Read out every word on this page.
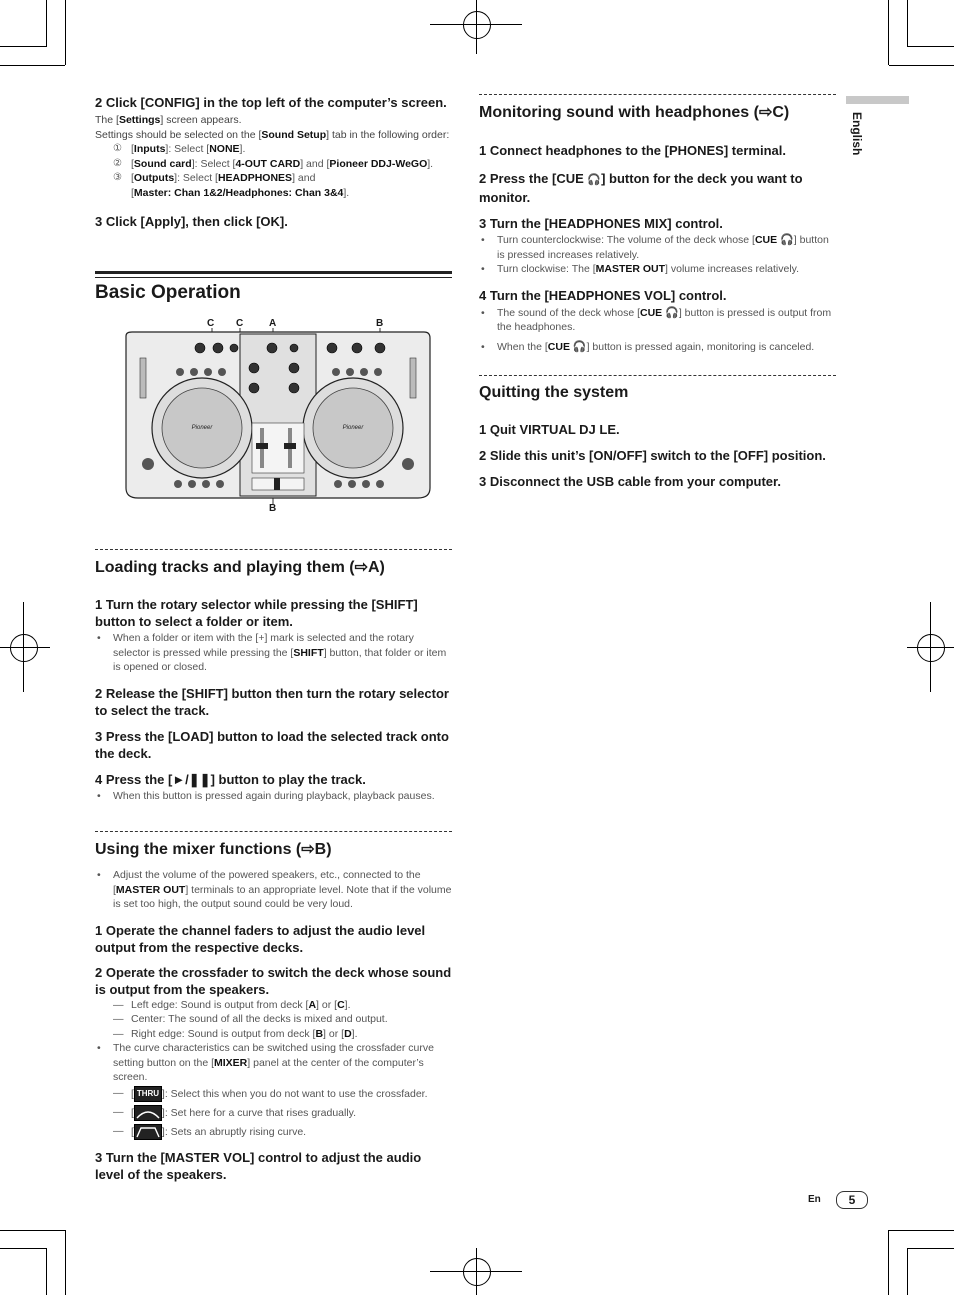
2 Click [CONFIG] in the top left of the computer’s screen.

The [Settings] screen appears.

Settings should be selected on the [Sound Setup] tab in the following order:

① [Inputs]: Select [NONE].

② [Sound card]: Select [4-OUT CARD] and [Pioneer DDJ-WeGO].

③ [Outputs]: Select [HEADPHONES] and

[Master: Chan 1&2/Headphones: Chan 3&4].

3 Click [Apply], then click [OK].

Basic Operation
C C	A	B
B
Pioneer	Pioneer
Loading tracks and playing them (⇨A)

1 Turn the rotary selector while pressing the [SHIFT] button to select a folder or item.

• When a folder or item with the [+] mark is selected and the rotary selector is pressed while pressing the [SHIFT] button, that folder or item is opened or closed.

2 Release the [SHIFT] button then turn the rotary selector to select the track.

3 Press the [LOAD] button to load the selected track onto the deck.

4 Press the [►/❚❚] button to play the track.

• When this button is pressed again during playback, playback pauses.

Using the mixer functions (⇨B)

• Adjust the volume of the powered speakers, etc., connected to the [MASTER OUT] terminals to an appropriate level. Note that if the volume is set too high, the output sound could be very loud.

1 Operate the channel faders to adjust the audio level output from the respective decks.

2 Operate the crossfader to switch the deck whose sound is output from the speakers.

— Left edge: Sound is output from deck [A] or [C].

— Center: The sound of all the decks is mixed and output.

— Right edge: Sound is output from deck [B] or [D].

• The curve characteristics can be switched using the crossfader curve setting button on the [MIXER] panel at the center of the computer’s screen.

— [ THRU ]: Select this when you do not want to use the crossfader.

— [	]: Set here for a curve that rises gradually.

— [	]: Sets an abruptly rising curve.

3 Turn the [MASTER VOL] control to adjust the audio level of the speakers.

Monitoring sound with headphones (⇨C)

1 Connect headphones to the [PHONES] terminal.

2 Press the [CUE 🎧] button for the deck you want to monitor.

3 Turn the [HEADPHONES MIX] control.

• Turn counterclockwise: The volume of the deck whose [CUE 🎧] button is pressed increases relatively.

• Turn clockwise: The [MASTER OUT] volume increases relatively.

4 Turn the [HEADPHONES VOL] control.

• The sound of the deck whose [CUE 🎧] button is pressed is output from the headphones.

• When the [CUE 🎧] button is pressed again, monitoring is canceled.

Quitting the system

1 Quit VIRTUAL DJ LE.

2 Slide this unit’s [ON/OFF] switch to the [OFF] position.

3 Disconnect the USB cable from your computer.

English
En	5
